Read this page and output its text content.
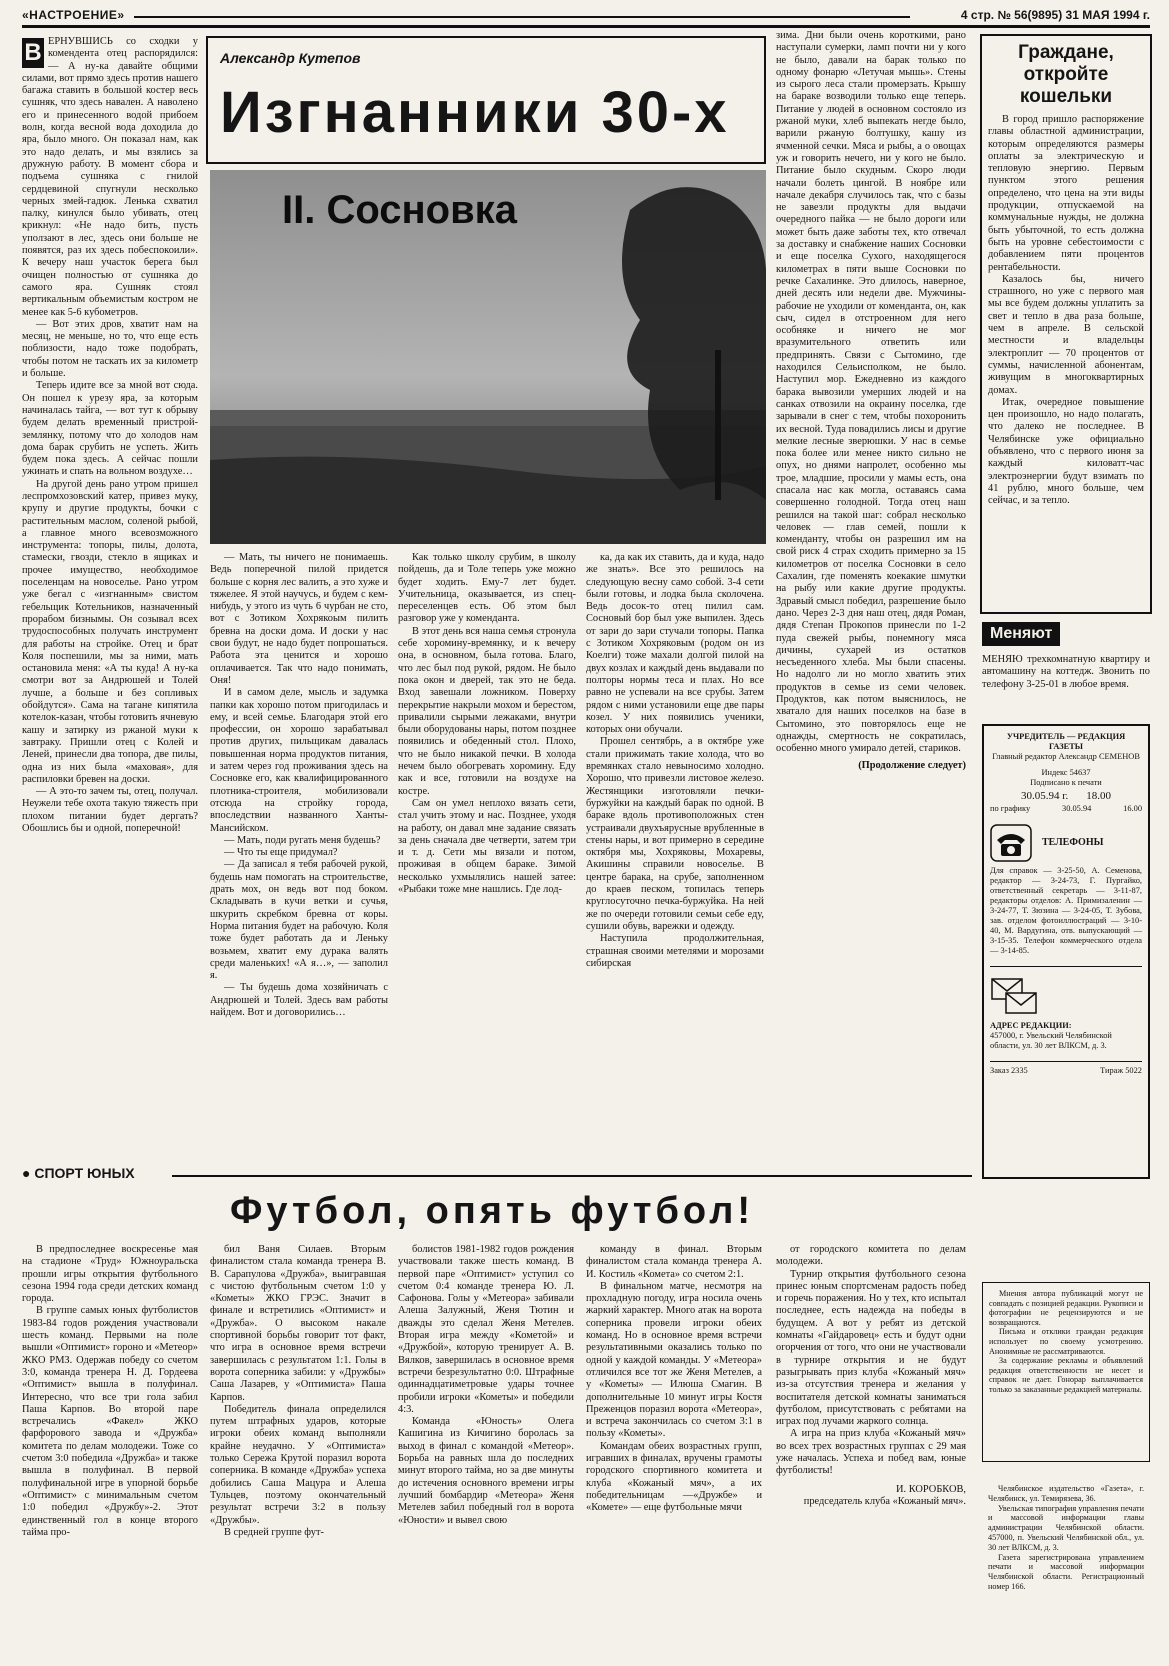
«НАСТРОЕНИЕ»	4 стр. № 56(9895) 31 МАЯ 1994 г.
В ЕРНУВШИСЬ со сходки у комендента отец распорядился: — А ну-ка давайте общими силами, вот прямо здесь против нашего багажа ставить в большой костер весь сушняк, что здесь навален. А наволено его и принесенного водой прибоем волн, когда весной вода доходила до яра, было много. Он показал нам, как это надо делать, и мы взялись за дружную работу. В момент сбора и подъема сушняка с гнилой сердцевиной спугнули несколько черных змей-гадюк. Ленька схватил палку, кинулся было убивать, отец крикнул: «Не надо бить, пусть уползают в лес, здесь они больше не появятся, раз их здесь побеспокоили». К вечеру наш участок берега был очищен полностью от сушняка до самого яра. Сушняк стоял вертикальным объемистым костром не менее как 5-6 кубометров.

— Вот этих дров, хватит нам на месяц, не меньше, но то, что еще есть поблизости, надо тоже подобрать, чтобы потом не таскать их за километр и больше.

Теперь идите все за мной вот сюда. Он пошел к урезу яра, за которым начиналась тайга, — вот тут к обрыву будем делать временный пристрой-землянку, потому что до холодов нам дома барак срубить не успеть. Жить будем пока здесь. А сейчас пошли ужинать и спать на вольном воздухе…

На другой день рано утром пришел леспромхозовский катер, привез муку, крупу и другие продукты, бочки с растительным маслом, соленой рыбой, а главное много всевозможного инструмента: топоры, пилы, долота, стамески, гвозди, стекло в ящиках и прочее имущество, необходимое поселенцам на новоселье. Рано утром уже бегал с «изгнанным» свистом гебельщик Котельников, назначенный прорабом бизнымы. Он созывал всех трудоспособных получать инструмент для работы на стройке. Отец и брат Коля поспешили, мы за ними, мать остановила меня: «А ты куда! А ну-ка смотри вот за Андрюшей и Толей лучше, а больше и без сопливых обойдутся». Сама на тагане кипятила котелок-казан, чтобы готовить ячневую кашу и затирку из ржаной муки к завтраку. Пришли отец с Колей и Леней, принесли два топора, две пилы, одна из них была «маховая», для распиловки бревен на доски.

— А это-то зачем ты, отец, получал. Неужели тебе охота такую тяжесть при плохом питании будет дергать? Обошлись бы и одной, поперечной!

Александр Кутепов
Изгнанники 30-х
II. Сосновка

— Мать, ты ничего не понимаешь. Ведь поперечной пилой придется больше с корня лес валить, а это хуже и тяжелее. Я этой научусь, и будем с кем-нибудь, у этого из чуть 6 чурбан не сто, вот с Зотиком Хохрякоым пилить бревна на доски дома. И доски у нас свои будут, не надо будет попрошаться. Работа эта ценится и хорошо оплачивается. Так что надо понимать, Оня!

И в самом деле, мысль и задумка папки как хорошо потом пригодилась и ему, и всей семье. Благодаря этой его профессии, он хорошо зарабатывал против других, пильщикам давалась повышенная норма продуктов питания, и затем через год проживания здесь на Сосновке его, как квалифицированного плотника-строителя, мобилизовали отсюда на стройку города, впоследствии названного Ханты-Мансийском.

— Мать, поди ругать меня будешь?

— Что ты еще придумал?

— Да записал я тебя рабочей рукой, будешь нам помогать на строительстве, драть мох, он ведь вот под боком. Складывать в кучи ветки и сучья, шкурить скребком бревна от коры. Норма питания будет на рабочую. Коля тоже будет работать да и Леньку возьмем, хватит ему дурака валять среди маленьких! «А я…», — заполил я.

— Ты будешь дома хозяйничать с Андрюшей и Толей. Здесь вам работы найдем. Вот и договорились…

Как только школу срубим, в школу пойдешь, да и Толе теперь уже можно будет ходить. Ему-7 лет будет. Учительница, оказывается, из спец-переселенцев есть. Об этом был разговор уже у коменданта.

В этот день вся наша семья стронула себе хоромину-времянку, и к вечеру она, в основном, была готова. Благо, что лес был под рукой, рядом. Не было пока окон и дверей, так это не беда. Вход завешали ложником. Поверху перекрытие накрыли мохом и берестом, привалили сырыми лежаками, внутри были оборудованы нары, потом позднее появились и обеденный стол. Плохо, что не было никакой печки. В холода нечем было обогревать хоромину. Еду как и все, готовили на воздухе на костре.

Сам он умел неплохо вязать сети, стал учить этому и нас. Позднее, уходя на работу, он давал мне задание связать за день сначала две четверти, затем три и т. д. Сети мы вязали и потом, проживая в общем бараке. Зимой несколько ухмылялись нашей затее: «Рыбаки тоже мне нашлись. Где лод-

ка, да как их ставить, да и куда, надо же знать». Все это решилось на следующую весну само собой. 3-4 сети были готовы, и лодка была сколочена. Ведь досок-то отец пилил сам. Сосновый бор был уже выпилен. Здесь от зари до зари стучали топоры. Папка с Зотиком Хохряковым (родом он из Коелги) тоже махали долгой пилой на двух козлах и каждый день выдавали по полторы нормы теса и плах. Но все равно не успевали на все срубы. Затем рядом с ними установили еще две пары козел. У них появились ученики, которых они обучали.

Прошел сентябрь, а в октябре уже стали прижимать такие холода, что во времянках стало невыносимо холодно. Хорошо, что привезли листовое железо. Жестянщики изготовляли печки-буржуйки на каждый барак по одной. В бараке вдоль противоположных стен устраивали двухъярусные врубленные в стены нары, и вот примерно в середине октября мы, Хохряковы, Мохаревы, Акишины справили новоселье. В центре барака, на срубе, заполненном до краев песком, топилась теперь круглосуточно печка-буржуйка. На ней же по очереди готовили семьи себе еду, сушили обувь, варежки и одежду.

Наступила продолжительная, страшная своими метелями и морозами сибирская

зима. Дни были очень короткими, рано наступали сумерки, ламп почти ни у кого не было, давали на барак только по одному фонарю «Летучая мышь». Стены из сырого леса стали промерзать. Крышу на бараке возводили только еще теперь. Питание у людей в основном состояло из ржаной муки, хлеб выпекать негде было, варили ржаную болтушку, кашу из ячменной сечки. Мяса и рыбы, а о овощах уж и говорить нечего, ни у кого не было. Питание было скудным. Скоро люди начали болеть цингой. В ноябре или начале декабря случилось так, что с базы не завезли продукты для выдачи очередного пайка — не было дороги или может быть даже заботы тех, кто отвечал за доставку и снабжение наших Сосновки и еще поселка Сухого, находящегося километрах в пяти выше Сосновки по речке Сахалинке. Это длилось, наверное, дней десять или недели две. Мужчины-рабочие не уходили от коменданта, он, как сыч, сидел в отстроенном для него особняке и ничего не мог вразумительного ответить или предпринять. Связи с Сытомино, где находился Сельисполком, не было. Наступил мор. Ежедневно из каждого барака вывозили умерших людей и на санках отвозили на окраину поселка, где зарывали в снег с тем, чтобы похоронить их весной. Туда повадились лисы и другие мелкие лесные зверюшки. У нас в семье пока более или менее никто сильно не опух, но днями напролет, особенно мы трое, младшие, просили у мамы есть, она спасала нас как могла, оставаясь сама совершенно голодной. Тогда отец наш решился на такой шаг: собрал несколько человек — глав семей, пошли к коменданту, чтобы он разрешил им на свой риск 4 страх сходить примерно за 15 километров от поселка Сосновки в село Сахалин, где поменять коекакие шмутки на рыбу или какие другие продукты. Здравый смысл победил, разрешение было дано. Через 2-3 дня наш отец, дядя Роман, дядя Степан Прокопов принесли по 1-2 пуда свежей рыбы, понемногу мяса дичины, сухарей из остатков несъеденного хлеба. Мы были спасены. Но надолго ли но могло хватить этих продуктов в семье из семи человек. Продуктов, как потом выяснилось, не хватало для наших поселков на базе в Сытомино, это повторялось еще не однажды, смертность не сократилась, особенно много умирало детей, стариков.
(Продолжение следует)
Граждане, откройте кошельки

В город пришло распоряжение главы областной администрации, которым определяются размеры оплаты за электрическую и тепловую энергию. Первым пунктом этого решения определено, что цена на эти виды продукции, отпускаемой на коммунальные нужды, не должна быть убыточной, то есть должна быть на уровне себестоимости с добавлением пяти процентов рентабельности.

Казалось бы, ничего страшного, но уже с первого мая мы все будем должны уплатить за свет и тепло в два раза больше, чем в апреле. В сельской местности и владельцы электроплит — 70 процентов от суммы, начисленной абонентам, живущим в многоквартирных домах.

Итак, очередное повышение цен произошло, но надо полагать, что далеко не последнее. В Челябинске уже официально объявлено, что с первого июня за каждый киловатт-час электроэнергии будут взимать по 41 рублю, много больше, чем сейчас, и за тепло.

Меняют
МЕНЯЮ трехкомнатную квартиру и автомашину на коттедж. Звонить по телефону 3-25-01 в любое время.
УЧРЕДИТЕЛЬ — РЕДАКЦИЯ ГАЗЕТЫ
Главный редактор Александр СЕМЕНОВ
Индекс 54637
Подписано к печати
30.05.94 г. 18.00
по графику	30.05.94	16.00
ТЕЛЕФОНЫ
Для справок — 3-25-50, А. Семенова, редактор — 3-24-73, Г. Пургайко, ответственный секретарь — 3-11-87, редакторы отделов: А. Примизаленин — 3-24-77, Т. Зюзина — 3-24-05, Т. Зубова, зав. отделом фотоиллюстраций — 3-10-40, М. Вардугина, отв. выпускающий — 3-15-35. Телефон коммерческого отдела — 3-14-85.
АДРЕС РЕДАКЦИИ:
457000, г. Увельский Челябинской области, ул. 30 лет ВЛКСМ, д. 3.
Заказ 2335	Тираж 5022
● СПОРТ ЮНЫХ
Футбол, опять футбол!

В предпоследнее воскресенье мая на стадионе «Труд» Южноуральска прошли игры открытия футбольного сезона 1994 года среди детских команд города.

В группе самых юных футболистов 1983-84 годов рождения участвовали шесть команд. Первыми на поле вышли «Оптимист» гороно и «Метеор» ЖКО РМЗ. Одержав победу со счетом 3:0, команда тренера Н. Д. Гордеева «Оптимист» вышла в полуфинал. Интересно, что все три гола забил Паша Карпов. Во второй паре встречались «Факел» ЖКО фарфорового завода и «Дружба» комитета по делам молодежи. Тоже со счетом 3:0 победила «Дружба» и также вышла в полуфинал. В первой полуфинальной игре в упорной борьбе «Оптимист» с минимальным счетом 1:0 победил «Дружбу»-2. Этот единственный гол в конце второго тайма про-

бил Ваня Силаев. Вторым финалистом стала команда тренера В. В. Сарапулова «Дружба», выигравшая с чистою футбольным счетом 1:0 у «Кометы» ЖКО ГРЭС. Значит в финале и встретились «Оптимист» и «Дружба». О высоком накале спортивной борьбы говорит тот факт, что игра в основное время встречи завершилась с результатом 1:1. Голы в ворота соперника забили: у «Дружбы» Саша Лазарев, у «Оптимиста» Паша Карпов.

Победитель финала определился путем штрафных ударов, которые игроки обеих команд выполняли крайне неудачно. У «Оптимиста» только Сережа Крутой поразил ворота соперника. В команде «Дружба» успеха добились Саша Мацура и Алеша Тульцев, поэтому окончательный результат встречи 3:2 в пользу «Дружбы».

В средней группе фут-

болистов 1981-1982 годов рождения участвовали также шесть команд. В первой паре «Оптимист» уступил со счетом 0:4 команде тренера Ю. Л. Сафонова. Голы у «Метеора» забивали Алеша Залужный, Женя Тютин и дважды это сделал Женя Метелев. Вторая игра между «Кометой» и «Дружбой», которую тренирует А. В. Вялков, завершилась в основное время встречи безрезультатно 0:0. Штрафные одиннадцатиметровые удары точнее пробили игроки «Кометы» и победили 4:3.

Команда «Юность» Олега Кашигина из Кичигино боролась за выход в финал с командой «Метеор». Борьба на равных шла до последних минут второго тайма, но за две минуты до истечения основного времени игры лучший бомбардир «Метеора» Женя Метелев забил победный гол в ворота «Юности» и вывел свою

команду в финал. Вторым финалистом стала команда тренера А. И. Костиль «Комета» со счетом 2:1.

В финальном матче, несмотря на прохладную погоду, игра носила очень жаркий характер. Много атак на ворота соперника провели игроки обеих команд. Но в основное время встречи результативными оказались только по одной у каждой команды. У «Метеора» отличился все тот же Женя Метелев, а у «Кометы» — Илюша Смагин. В дополнительные 10 минут игры Костя Преженцов поразил ворота «Метеора», и встреча закончилась со счетом 3:1 в пользу «Кометы».

Командам обеих возрастных групп, игравших в финалах, вручены грамоты городского спортивного комитета и клуба «Кожаный мяч», а их победительницам —«Дружбе» и «Комете» — еще футбольные мячи

от городского комитета по делам молодежи.

Турнир открытия футбольного сезона принес юным спортсменам радость побед и горечь поражения. Но у тех, кто испытал последнее, есть надежда на победы в будущем. А вот у ребят из детской комнаты «Гайдаровец» есть и будут одни огорчения от того, что они не участвовали в турнире открытия и не будут разыгрывать приз клуба «Кожаный мяч» из-за отсутствия тренера и желания у воспитателя детской комнаты заниматься футболом, присутствовать с ребятами на играх под лучами жаркого солнца.

А игра на приз клуба «Кожаный мяч» во всех трех возрастных группах с 29 мая уже началась. Успеха и побед вам, юные футболисты!

И. КОРОБКОВ,
председатель клуба «Кожаный мяч».

Мнения автора публикаций могут не совпадать с позицией редакции. Рукописи и фотографии не рецензируются и не возвращаются.

Письма и отклики граждан редакция использует по своему усмотрению. Анонимные не рассматриваются.

За содержание рекламы и объявлений редакция ответственности не несет и справок не дает. Гонорар выплачивается только за заказанные редакцией материалы.

Челябинское издательство «Газета», г. Челябинск, ул. Темирязева, 36.

Увельская типография управления печати и массовой информации главы администрации Челябинской области. 457000, п. Увельский Челябинской обл., ул. 30 лет ВЛКСМ, д. 3.

Газета зарегистрирована управлением печати и массовой информации Челябинской области. Регистрационный номер 166.
